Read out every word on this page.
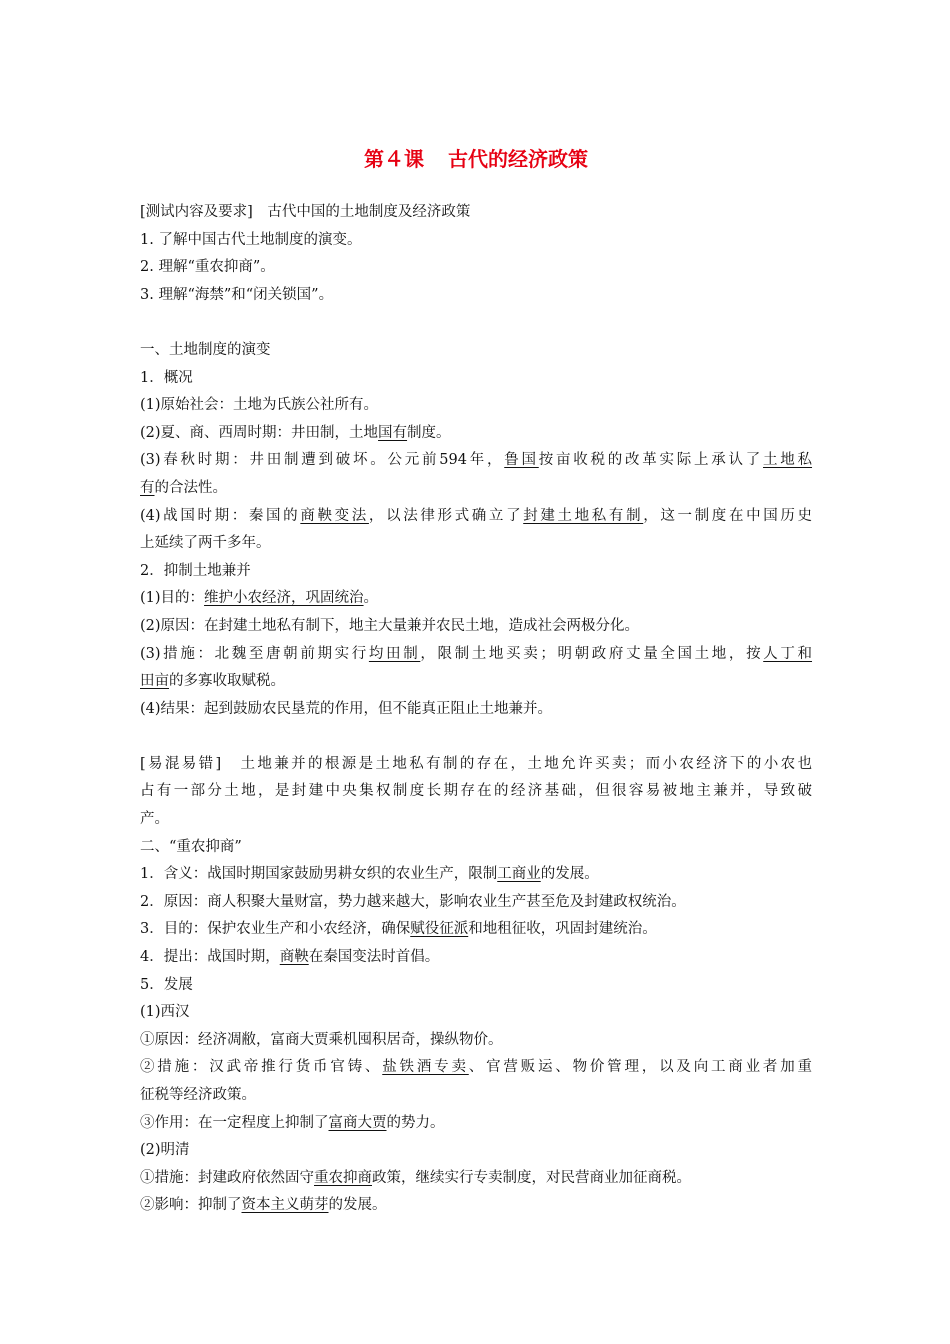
第４课 古代的经济政策
[测试内容及要求]　 古代中国的土地制度及经济政策
1. 了解中国古代土地制度的演变。
2. 理解“重农抑商”。
3. 理解“海禁”和“闭关锁国”。
一、土地制度的演变
1．概况
(1)原始社会：土地为氏族公社所有。
(2)夏、商、西周时期：井田制，土地国有制度。
(3)春秋时期：井田制遭到破坏。公元前594年，鲁国按亩收税的改革实际上承认了土地私
有的合法性。
(4)战国时期：秦国的商鞅变法，以法律形式确立了封建土地私有制，这一制度在中国历史
上延续了两千多年。
2．抑制土地兼并
(1)目的：维护小农经济，巩固统治。
(2)原因：在封建土地私有制下，地主大量兼并农民土地，造成社会两极分化。
(3)措施：北魏至唐朝前期实行均田制，限制土地买卖；明朝政府丈量全国土地，按人丁和
田亩的多寡收取赋税。
(4)结果：起到鼓励农民垦荒的作用，但不能真正阻止土地兼并。
[易混易错]　土地兼并的根源是土地私有制的存在，土地允许买卖；而小农经济下的小农也
占有一部分土地，是封建中央集权制度长期存在的经济基础，但很容易被地主兼并，导致破
产。
二、“重农抑商”
1．含义：战国时期国家鼓励男耕女织的农业生产，限制工商业的发展。
2．原因：商人积聚大量财富，势力越来越大，影响农业生产甚至危及封建政权统治。
3．目的：保护农业生产和小农经济，确保赋役征派和地租征收，巩固封建统治。
4．提出：战国时期，商鞅在秦国变法时首倡。
5．发展
(1)西汉
①原因：经济凋敝，富商大贾乘机囤积居奇，操纵物价。
②措施：汉武帝推行货币官铸、盐铁酒专卖、官营贩运、物价管理，以及向工商业者加重
征税等经济政策。
③作用：在一定程度上抑制了富商大贾的势力。
(2)明清
①措施：封建政府依然固守重农抑商政策，继续实行专卖制度，对民营商业加征商税。
②影响：抑制了资本主义萌芽的发展。
